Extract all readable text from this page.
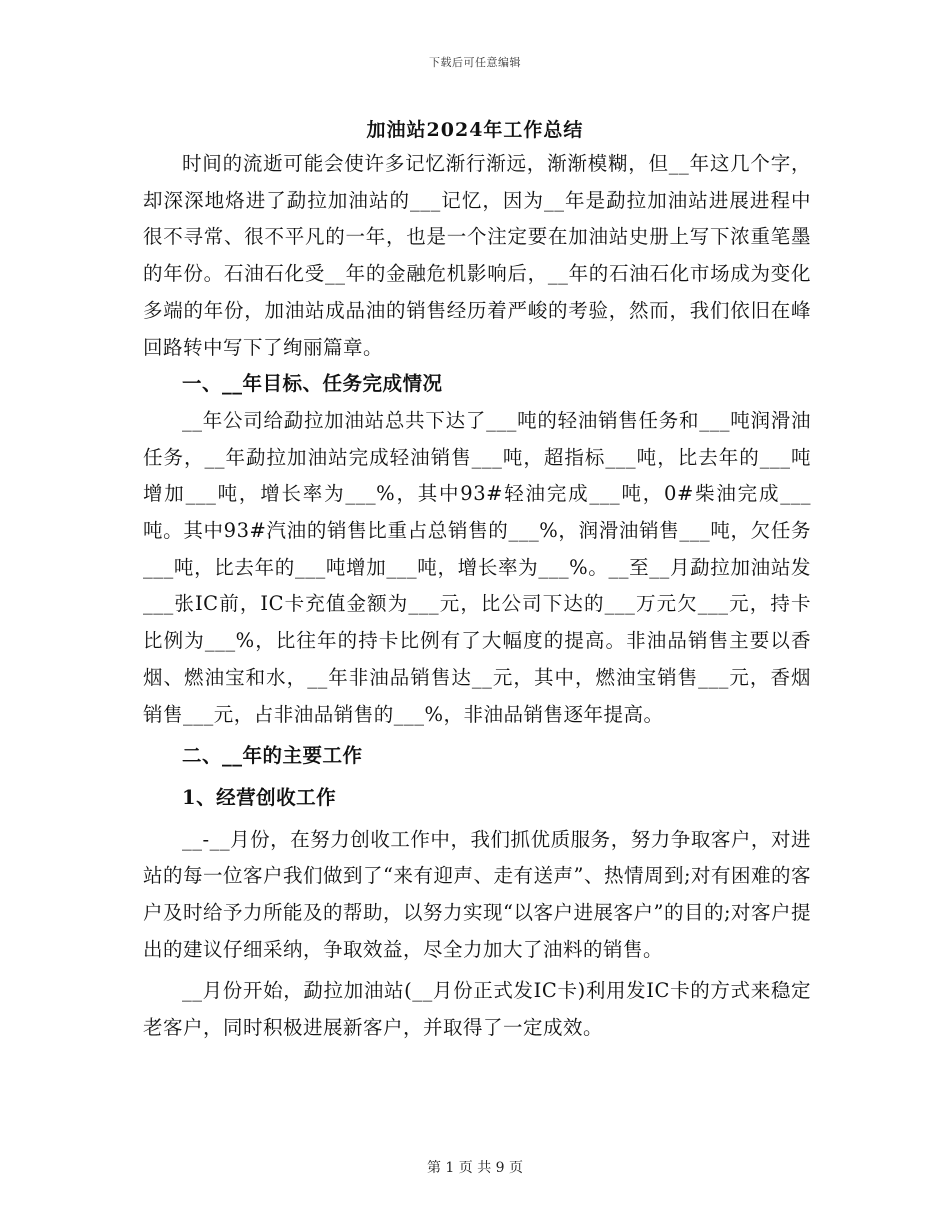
下载后可任意编辑
加油站2024年工作总结

时间的流逝可能会使许多记忆渐行渐远，渐渐模糊，但__年这几个字，却深深地烙进了勐拉加油站的___记忆，因为__年是勐拉加油站进展进程中很不寻常、很不平凡的一年，也是一个注定要在加油站史册上写下浓重笔墨的年份。石油石化受__年的金融危机影响后，__年的石油石化市场成为变化多端的年份，加油站成品油的销售经历着严峻的考验，然而，我们依旧在峰回路转中写下了绚丽篇章。

一、__年目标、任务完成情况

__年公司给勐拉加油站总共下达了___吨的轻油销售任务和___吨润滑油任务，__年勐拉加油站完成轻油销售___吨，超指标___吨，比去年的___吨增加___吨，增长率为___%，其中93#轻油完成___吨，0#柴油完成___吨。其中93#汽油的销售比重占总销售的___%，润滑油销售___吨，欠任务___吨，比去年的___吨增加___吨，增长率为___%。__至__月勐拉加油站发___张IC前，IC卡充值金额为___元，比公司下达的___万元欠___元，持卡比例为___%，比往年的持卡比例有了大幅度的提高。非油品销售主要以香烟、燃油宝和水，__年非油品销售达__元，其中，燃油宝销售___元，香烟销售___元，占非油品销售的___%，非油品销售逐年提高。

二、__年的主要工作

1、经营创收工作

__-__月份，在努力创收工作中，我们抓优质服务，努力争取客户，对进站的每一位客户我们做到了“来有迎声、走有送声”、热情周到;对有困难的客户及时给予力所能及的帮助，以努力实现“以客户进展客户”的目的;对客户提出的建议仔细采纳，争取效益，尽全力加大了油料的销售。

__月份开始，勐拉加油站(__月份正式发IC卡)利用发IC卡的方式来稳定老客户，同时积极进展新客户，并取得了一定成效。

第 1 页 共 9 页
